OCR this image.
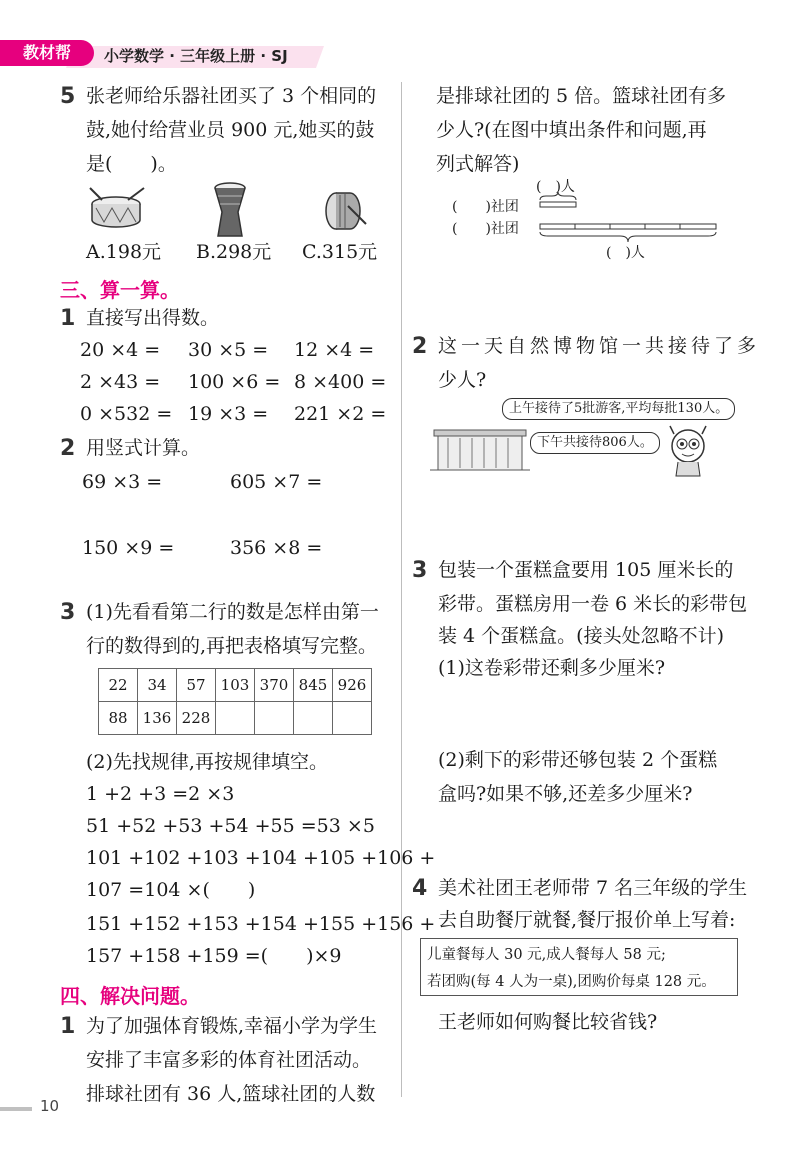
教材帮	小学数学 · 三年级上册 · SJ
5 张老师给乐器社团买了 3 个相同的
鼓,她付给营业员 900 元,她买的鼓
是(　　)。
A.198元 B.298元 C.315元
三、算一算。
1 直接写出得数。
20 ×4 = 30 ×5 = 12 ×4 =
2 ×43 = 100 ×6 = 8 ×400 =
0 ×532 = 19 ×3 = 221 ×2 =
2 用竖式计算。
69 ×3 =	605 ×7 =
150 ×9 =	356 ×8 =
3 (1)先看看第二行的数是怎样由第一
行的数得到的,再把表格填写完整。
22	34	57	103	370	845	926
88	136	228				
(2)先找规律,再按规律填空。
1 +2 +3 =2 ×3
51 +52 +53 +54 +55 =53 ×5
101 +102 +103 +104 +105 +106 +
107 =104 ×(　　)
151 +152 +153 +154 +155 +156 +
157 +158 +159 =(　　)×9
四、解决问题。
1 为了加强体育锻炼,幸福小学为学生
安排了丰富多彩的体育社团活动。
排球社团有 36 人,篮球社团的人数
10
是排球社团的 5 倍。篮球社团有多
少人?(在图中填出条件和问题,再
列式解答)
(　)人
(　　)社团
(　　)社团
(　)人
2 这一天自然博物馆一共接待了多
少人?
上午接待了5批游客,平均每批130人。
下午共接待806人。
3 包装一个蛋糕盒要用 105 厘米长的
彩带。蛋糕房用一卷 6 米长的彩带包
装 4 个蛋糕盒。(接头处忽略不计)
(1)这卷彩带还剩多少厘米?
(2)剩下的彩带还够包装 2 个蛋糕
盒吗?如果不够,还差多少厘米?
4 美术社团王老师带 7 名三年级的学生
去自助餐厅就餐,餐厅报价单上写着:
儿童餐每人 30 元,成人餐每人 58 元;
若团购(每 4 人为一桌),团购价每桌 128 元。
王老师如何购餐比较省钱?
